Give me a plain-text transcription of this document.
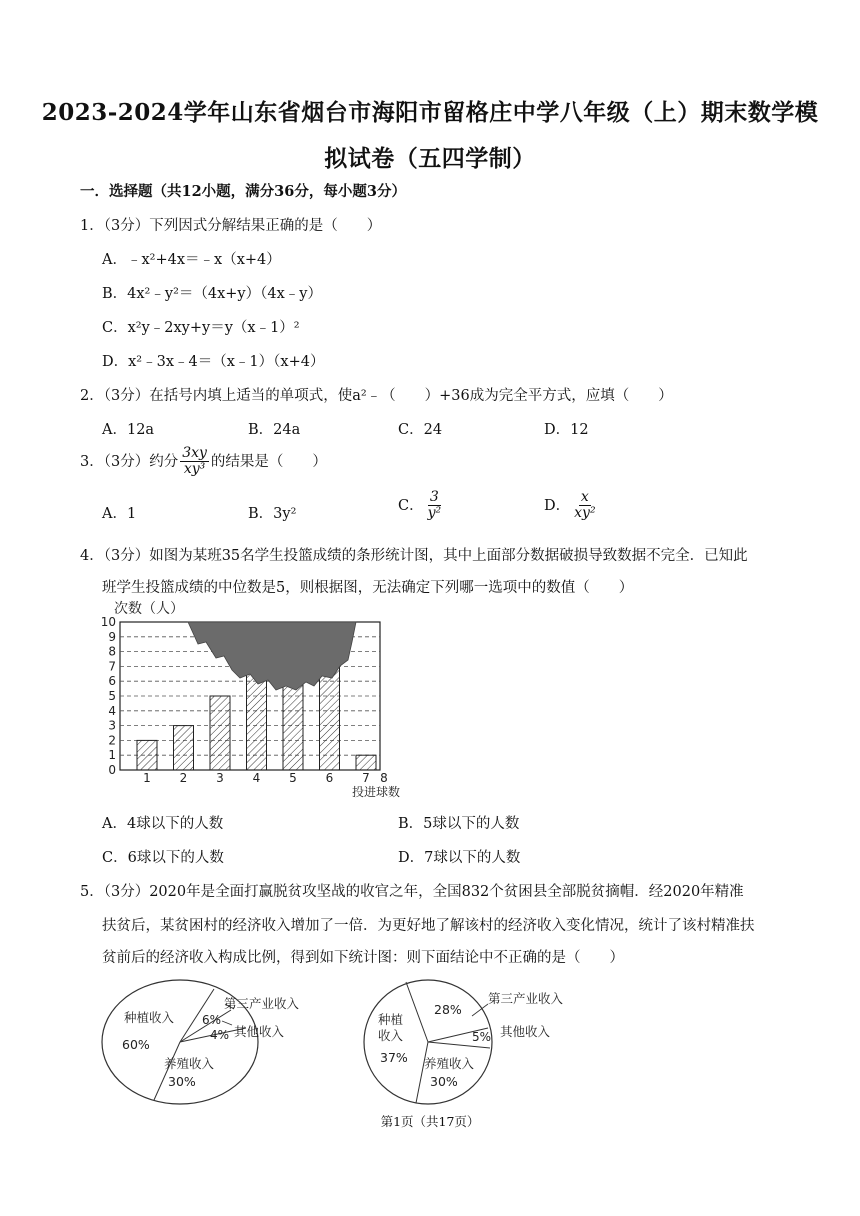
2023-2024学年山东省烟台市海阳市留格庄中学八年级（上）期末数学模
拟试卷（五四学制）
一．选择题（共12小题，满分36分，每小题3分）
1．（3分）下列因式分解结果正确的是（　　）
A．﹣x²+4x＝﹣x（x+4）
B．4x²﹣y²＝（4x+y）（4x﹣y）
C．x²y﹣2xy+y＝y（x﹣1）²
D．x²﹣3x﹣4＝（x﹣1）（x+4）
2．（3分）在括号内填上适当的单项式，使a²﹣（　　）+36成为完全平方式，应填（　　）
A．12a	B．24a	C．24	D．12
3．（3分）约分 $\frac{3xy}{\text{xy³}}$ 的结果是（　　）
A．1	B．3y²
C． $\frac{3}{\text{y²}}$	D． $\frac{x}{\text{xy²}}$
4．（3分）如图为某班35名学生投篮成绩的条形统计图，其中上面部分数据破损导致数据不完全．已知此
班学生投篮成绩的中位数是5，则根据图，无法确定下列哪一选项中的数值（　　）
次数（人）
0
1
2
3
4
5
6
7
8
9
10
1 2 3 4 5 6 7 8
投进球数
A．4球以下的人数	B．5球以下的人数
C．6球以下的人数	D．7球以下的人数
5．（3分）2020年是全面打赢脱贫攻坚战的收官之年，全国832个贫困县全部脱贫摘帽．经2020年精准
扶贫后，某贫困村的经济收入增加了一倍．为更好地了解该村的经济收入变化情况，统计了该村精准扶
贫前后的经济收入构成比例，得到如下统计图：则下面结论中不正确的是（　　）
种植收入
60%
6%
第三产业收入
4% 其他收入
养殖收入
30%
28%
第三产业收入
种植
收入
37%
5% 其他收入
养殖收入
30%
第1页（共17页）
